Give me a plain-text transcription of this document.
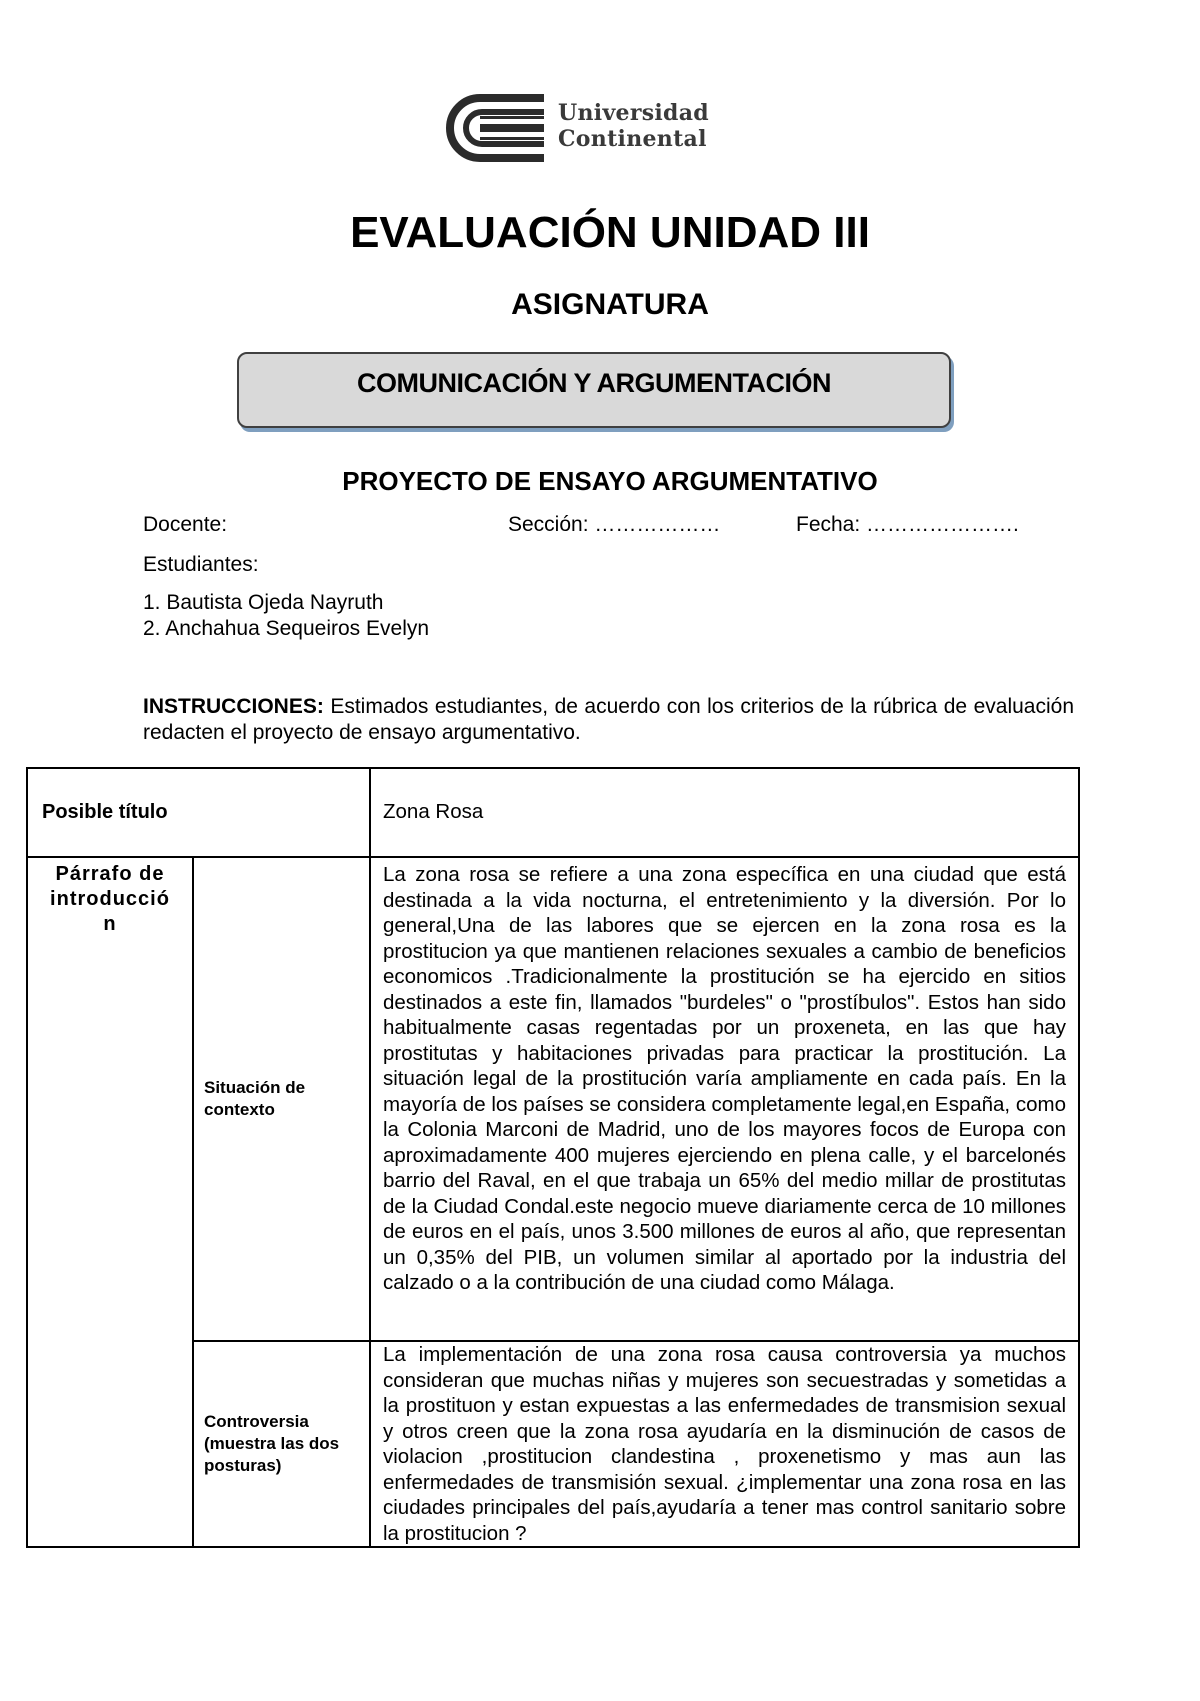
Universidad
Continental
EVALUACIÓN UNIDAD III
ASIGNATURA
COMUNICACIÓN Y ARGUMENTACIÓN
PROYECTO DE ENSAYO ARGUMENTATIVO
Docente:	Sección: ………………	Fecha: ………………….
Estudiantes:
1. Bautista Ojeda Nayruth
2. Anchahua Sequeiros Evelyn
INSTRUCCIONES: Estimados estudiantes, de acuerdo con los criterios de la rúbrica de evaluación redacten el proyecto de ensayo argumentativo.
Posible título		Zona Rosa

Párrafo de introducción	Situación de contexto	La zona rosa se refiere a una zona específica en una ciudad que está destinada a la vida nocturna, el entretenimiento y la diversión. Por lo general,Una de las labores que se ejercen en la zona rosa es la prostitucion ya que mantienen relaciones sexuales a cambio de beneficios economicos .Tradicionalmente la prostitución se ha ejercido en sitios destinados a este fin, llamados "burdeles" o "prostíbulos". Estos han sido habitualmente casas regentadas por un proxeneta, en las que hay prostitutas y habitaciones privadas para practicar la prostitución. La situación legal de la prostitución varía ampliamente en cada país. En la mayoría de los países se considera completamente legal,en España, como la Colonia Marconi de Madrid, uno de los mayores focos de Europa con aproximadamente 400 mujeres ejerciendo en plena calle, y el barcelonés barrio del Raval, en el que trabaja un 65% del medio millar de prostitutas de la Ciudad Condal.este negocio mueve diariamente cerca de 10 millones de euros en el país, unos 3.500 millones de euros al año, que representan un 0,35% del PIB, un volumen similar al aportado por la industria del calzado o a la contribución de una ciudad como Málaga.

	Controversia (muestra las dos posturas)	La implementación de una zona rosa causa controversia ya muchos consideran que muchas niñas y mujeres son secuestradas y sometidas a la prostituon y estan expuestas a las enfermedades de transmision sexual y otros creen que la zona rosa ayudaría en la disminución de casos de violacion ,prostitucion clandestina , proxenetismo y mas aun las enfermedades de transmisión sexual. ¿implementar una zona rosa en las ciudades principales del país,ayudaría a tener mas control sanitario sobre la prostitucion ?
